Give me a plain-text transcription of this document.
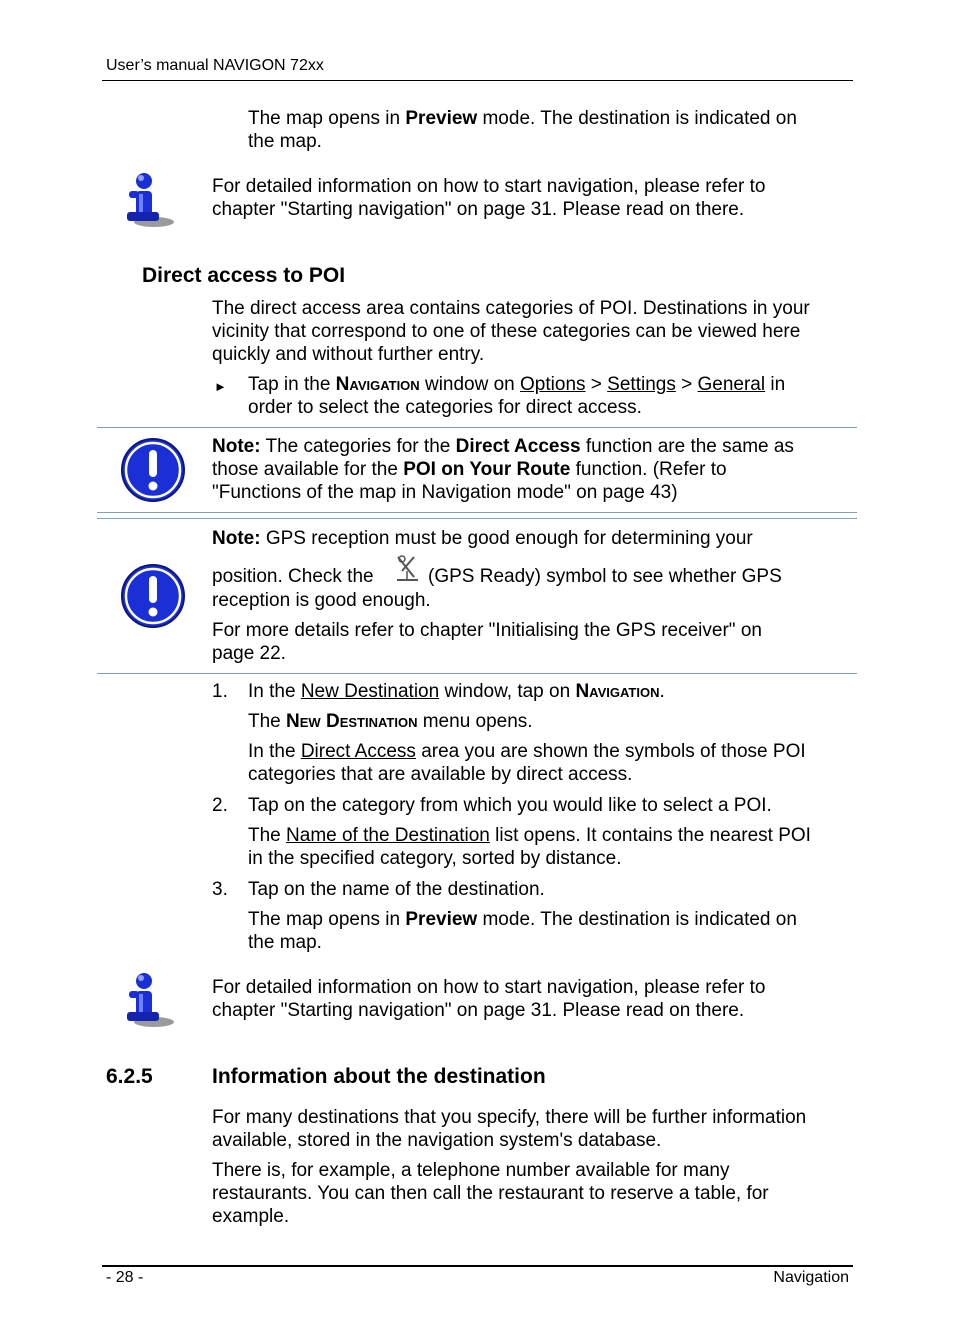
User’s manual NAVIGON 72xx
The map opens in Preview mode. The destination is indicated on
the map.
For detailed information on how to start navigation, please refer to
chapter "Starting navigation" on page 31. Please read on there.
Direct access to POI
The direct access area contains categories of POI. Destinations in your
vicinity that correspond to one of these categories can be viewed here
quickly and without further entry.
► Tap in the Navigation window on Options > Settings > General in
order to select the categories for direct access.
Note: The categories for the Direct Access function are the same as
those available for the POI on Your Route function. (Refer to
"Functions of the map in Navigation mode" on page 43)
Note: GPS reception must be good enough for determining your
position. Check the	(GPS Ready) symbol to see whether GPS
reception is good enough.
For more details refer to chapter "Initialising the GPS receiver" on
page 22.
1. In the New Destination window, tap on Navigation.
The New Destination menu opens.
In the Direct Access area you are shown the symbols of those POI
categories that are available by direct access.
2. Tap on the category from which you would like to select a POI.
The Name of the Destination list opens. It contains the nearest POI
in the specified category, sorted by distance.
3. Tap on the name of the destination.
The map opens in Preview mode. The destination is indicated on
the map.
For detailed information on how to start navigation, please refer to
chapter "Starting navigation" on page 31. Please read on there.
6.2.5	Information about the destination
For many destinations that you specify, there will be further information
available, stored in the navigation system's database.
There is, for example, a telephone number available for many
restaurants. You can then call the restaurant to reserve a table, for
example.
- 28 -	Navigation
